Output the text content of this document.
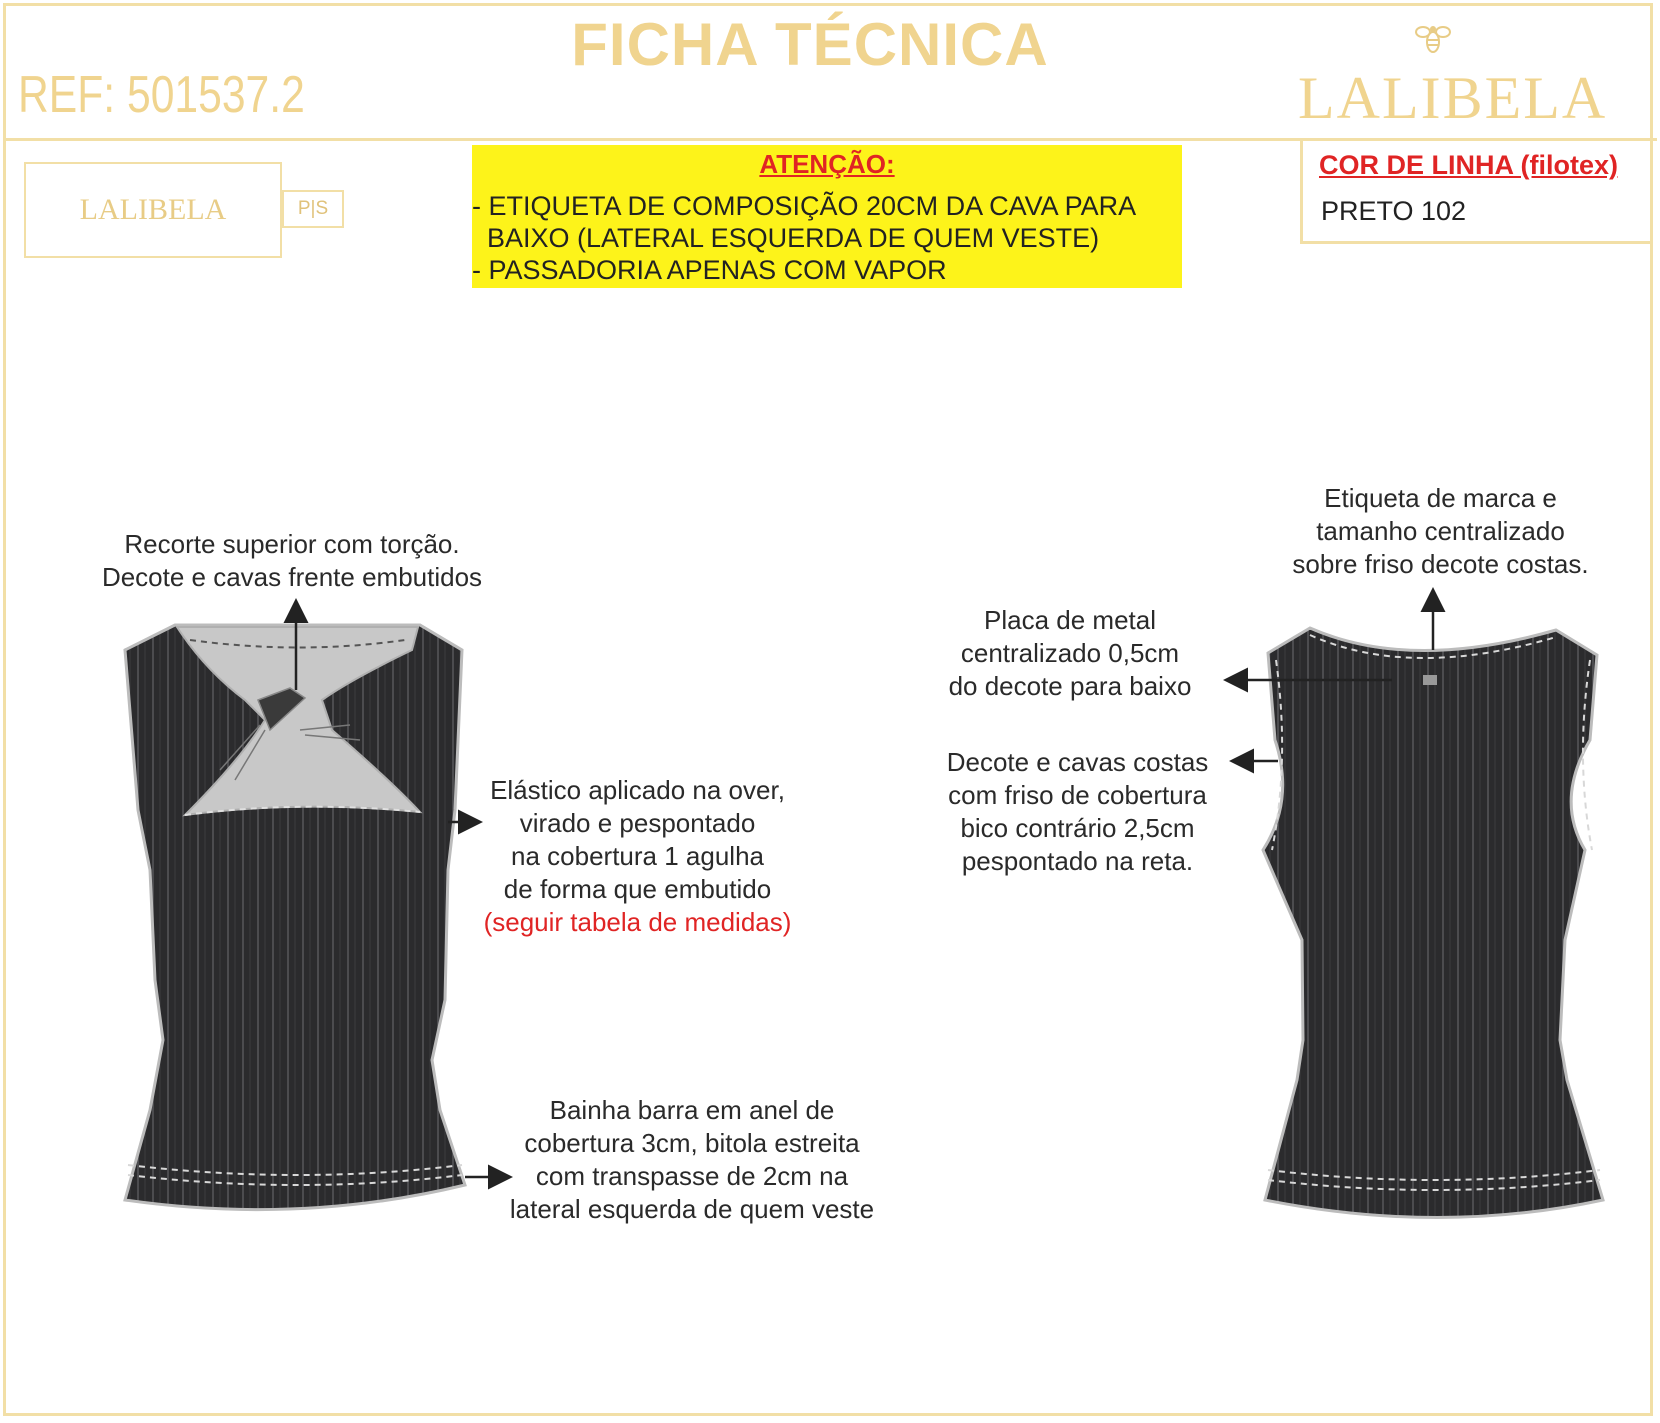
FICHA TÉCNICA
REF: 501537.2	LALIBELA
LALIBELA	P|S
ATENÇÃO:
- ETIQUETA DE COMPOSIÇÃO 20CM DA CAVA PARA
BAIXO (LATERAL ESQUERDA DE QUEM VESTE)
- PASSADORIA APENAS COM VAPOR
COR DE LINHA (filotex)
PRETO 102
Recorte superior com torção.
Decote e cavas frente embutidos
Elástico aplicado na over,
virado e pespontado
na cobertura 1 agulha
de forma que embutido
(seguir tabela de medidas)
Bainha barra em anel de
cobertura 3cm, bitola estreita
com transpasse de 2cm na
lateral esquerda de quem veste
Etiqueta de marca e
tamanho centralizado
sobre friso decote costas.
Placa de metal
centralizado 0,5cm
do decote para baixo
Decote e cavas costas
com friso de cobertura
bico contrário 2,5cm
pespontado na reta.
